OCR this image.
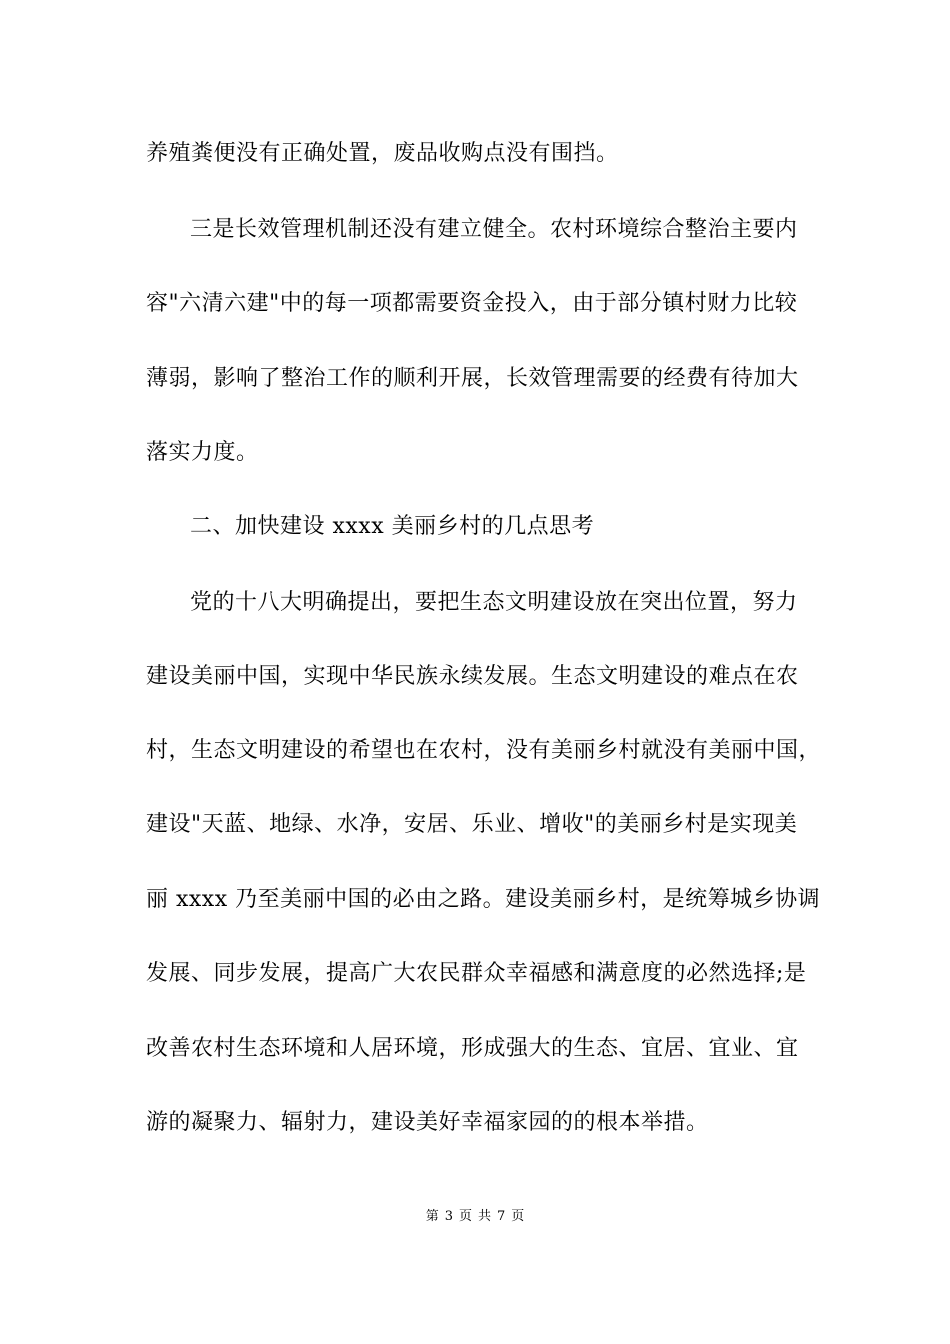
养殖粪便没有正确处置，废品收购点没有围挡。
三是长效管理机制还没有建立健全。农村环境综合整治主要内
容"六清六建"中的每一项都需要资金投入，由于部分镇村财力比较
薄弱，影响了整治工作的顺利开展，长效管理需要的经费有待加大
落实力度。
二、加快建设 xxxx 美丽乡村的几点思考
党的十八大明确提出，要把生态文明建设放在突出位置，努力
建设美丽中国，实现中华民族永续发展。生态文明建设的难点在农
村，生态文明建设的希望也在农村，没有美丽乡村就没有美丽中国，
建设"天蓝、地绿、水净，安居、乐业、增收"的美丽乡村是实现美
丽 xxxx 乃至美丽中国的必由之路。建设美丽乡村，是统筹城乡协调
发展、同步发展，提高广大农民群众幸福感和满意度的必然选择;是
改善农村生态环境和人居环境，形成强大的生态、宜居、宜业、宜
游的凝聚力、辐射力，建设美好幸福家园的的根本举措。
第 3 页 共 7 页
